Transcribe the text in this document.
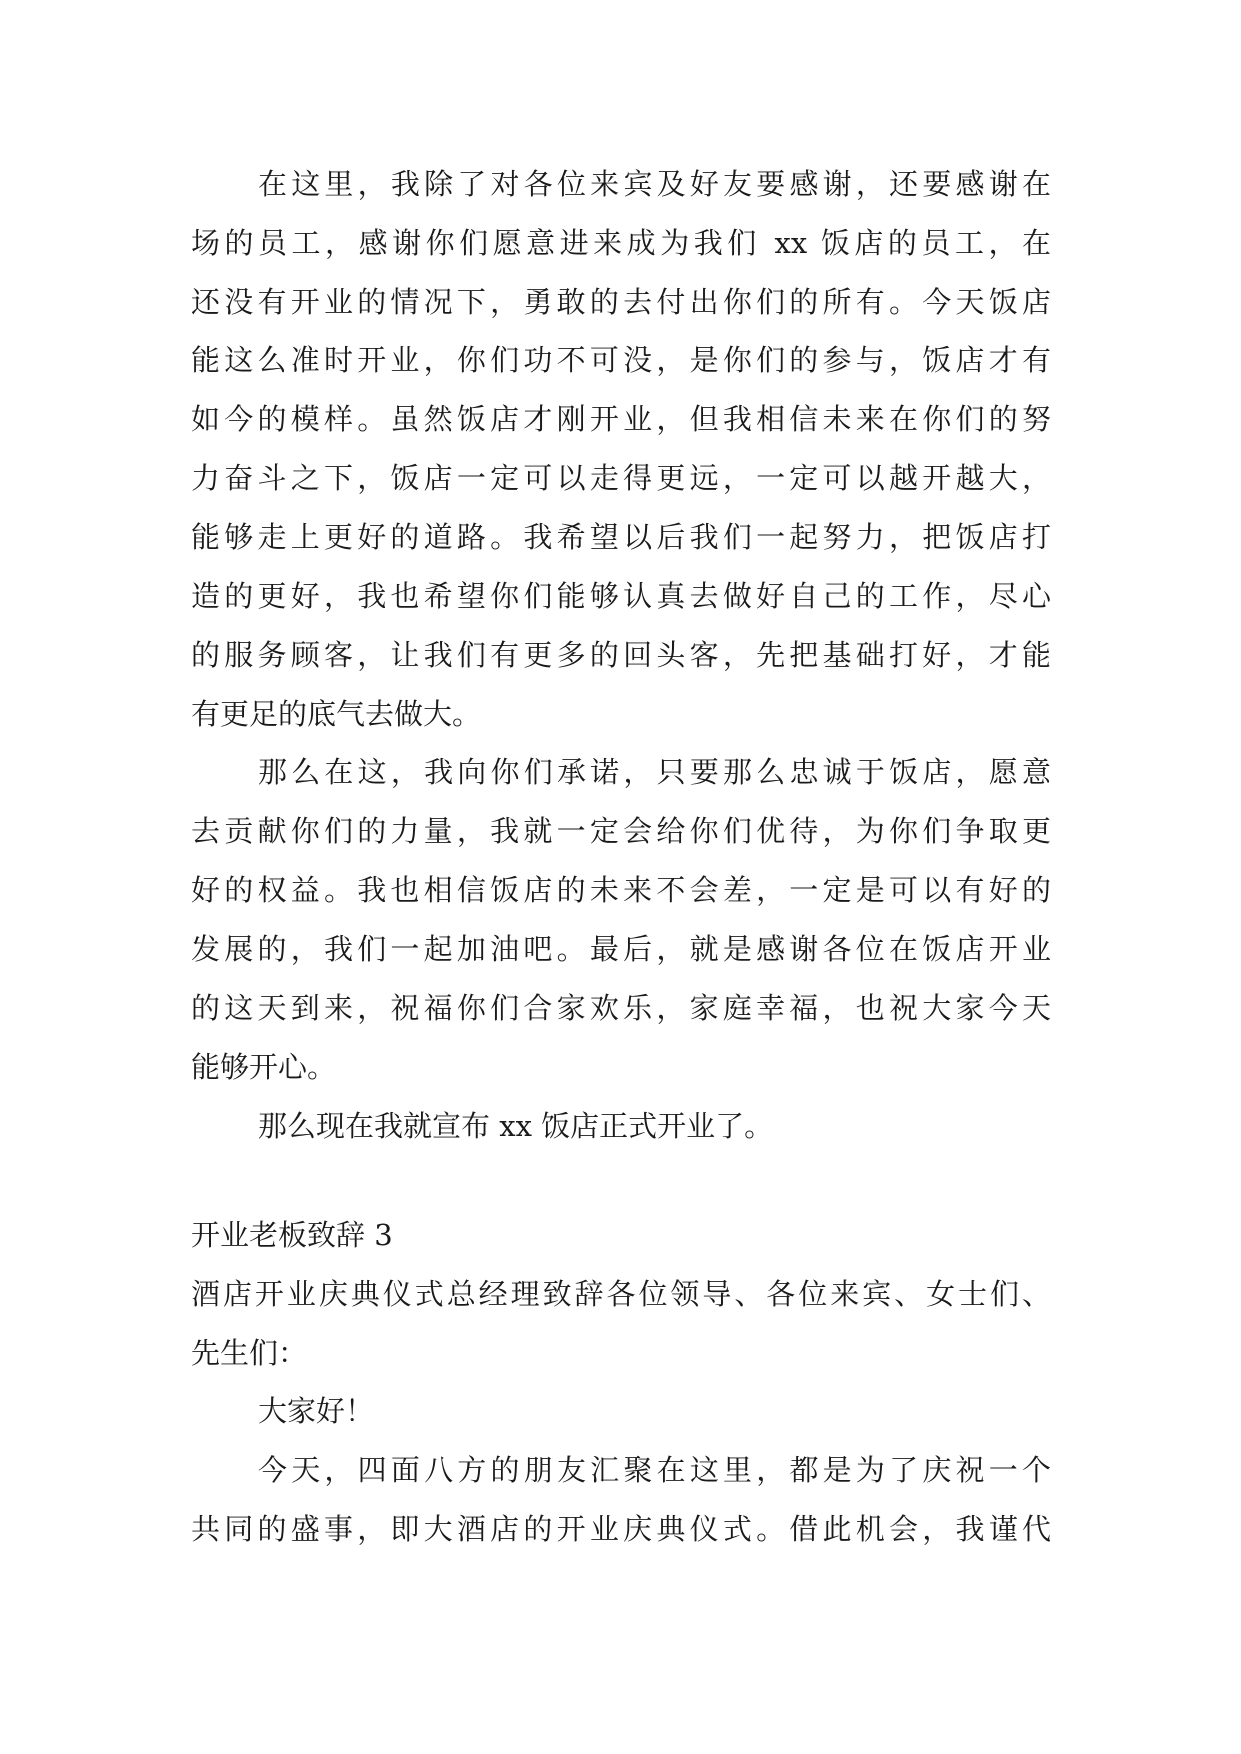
在这里，我除了对各位来宾及好友要感谢，还要感谢在
场的员工，感谢你们愿意进来成为我们 xx 饭店的员工，在
还没有开业的情况下，勇敢的去付出你们的所有。今天饭店
能这么准时开业，你们功不可没，是你们的参与，饭店才有
如今的模样。虽然饭店才刚开业，但我相信未来在你们的努
力奋斗之下，饭店一定可以走得更远，一定可以越开越大，
能够走上更好的道路。我希望以后我们一起努力，把饭店打
造的更好，我也希望你们能够认真去做好自己的工作，尽心
的服务顾客，让我们有更多的回头客，先把基础打好，才能
有更足的底气去做大。
那么在这，我向你们承诺，只要那么忠诚于饭店，愿意
去贡献你们的力量，我就一定会给你们优待，为你们争取更
好的权益。我也相信饭店的未来不会差，一定是可以有好的
发展的，我们一起加油吧。最后，就是感谢各位在饭店开业
的这天到来，祝福你们合家欢乐，家庭幸福，也祝大家今天
能够开心。
那么现在我就宣布 xx 饭店正式开业了。
开业老板致辞 3
酒店开业庆典仪式总经理致辞各位领导、各位来宾、女士们、
先生们：
大家好！
今天，四面八方的朋友汇聚在这里，都是为了庆祝一个
共同的盛事，即大酒店的开业庆典仪式。借此机会，我谨代
